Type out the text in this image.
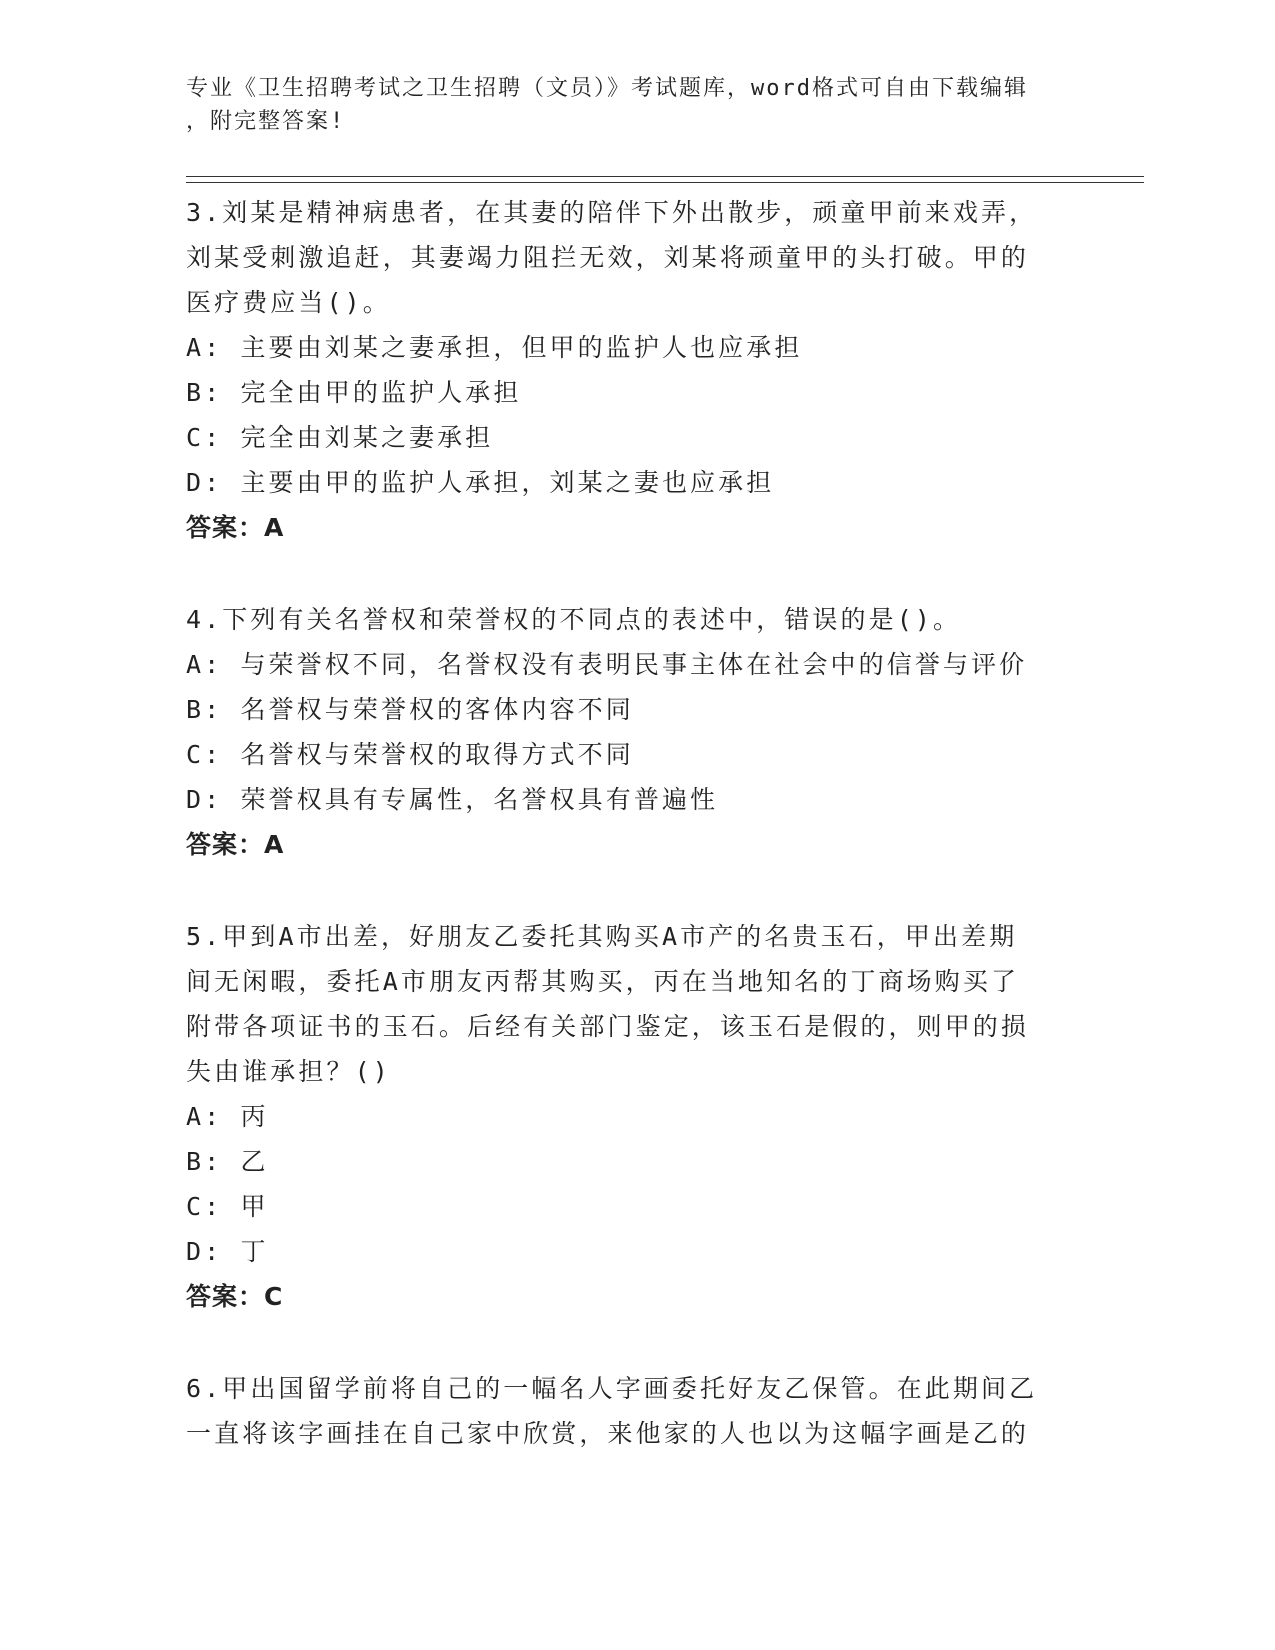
专业《卫生招聘考试之卫生招聘（文员）》考试题库，word格式可自由下载编辑
，附完整答案!
3.刘某是精神病患者，在其妻的陪伴下外出散步，顽童甲前来戏弄，
刘某受刺激追赶，其妻竭力阻拦无效，刘某将顽童甲的头打破。甲的
医疗费应当()。
A: 主要由刘某之妻承担，但甲的监护人也应承担
B: 完全由甲的监护人承担
C: 完全由刘某之妻承担
D: 主要由甲的监护人承担，刘某之妻也应承担
答案：A
4.下列有关名誉权和荣誉权的不同点的表述中，错误的是()。
A: 与荣誉权不同，名誉权没有表明民事主体在社会中的信誉与评价
B: 名誉权与荣誉权的客体内容不同
C: 名誉权与荣誉权的取得方式不同
D: 荣誉权具有专属性，名誉权具有普遍性
答案：A
5.甲到A市出差，好朋友乙委托其购买A市产的名贵玉石，甲出差期
间无闲暇，委托A市朋友丙帮其购买，丙在当地知名的丁商场购买了
附带各项证书的玉石。后经有关部门鉴定，该玉石是假的，则甲的损
失由谁承担？()
A: 丙
B: 乙
C: 甲
D: 丁
答案：C
6.甲出国留学前将自己的一幅名人字画委托好友乙保管。在此期间乙
一直将该字画挂在自己家中欣赏，来他家的人也以为这幅字画是乙的
